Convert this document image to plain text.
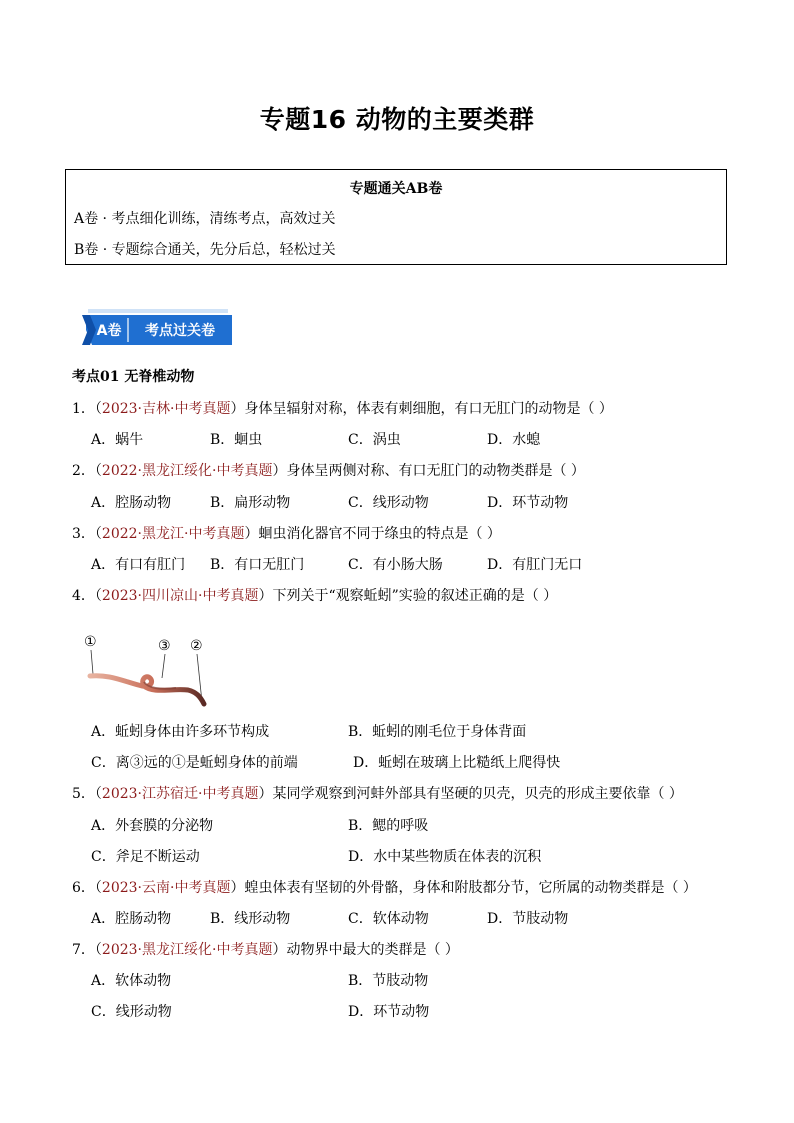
专题16 动物的主要类群
专题通关AB卷
A卷 · 考点细化训练，清练考点，高效过关
B卷 · 专题综合通关，先分后总，轻松过关
A卷 考点过关卷
考点01 无脊椎动物
1．（2023·吉林·中考真题）身体呈辐射对称，体表有刺细胞，有口无肛门的动物是（ ）
A．蜗牛	B．蛔虫	C．涡虫	D．水螅
2．（2022·黑龙江绥化·中考真题）身体呈两侧对称、有口无肛门的动物类群是（ ）
A．腔肠动物	B．扁形动物	C．线形动物	D．环节动物
3．（2022·黑龙江·中考真题）蛔虫消化器官不同于绦虫的特点是（ ）
A．有口有肛门 B．有口无肛门	C．有小肠大肠	D．有肛门无口
4．（2023·四川凉山·中考真题）下列关于“观察蚯蚓”实验的叙述正确的是（ ）
①	③ ②
A．蚯蚓身体由许多环节构成	B．蚯蚓的刚毛位于身体背面
C．离③远的①是蚯蚓身体的前端	D．蚯蚓在玻璃上比糙纸上爬得快
5．（2023·江苏宿迁·中考真题）某同学观察到河蚌外部具有坚硬的贝壳，贝壳的形成主要依靠（ ）
A．外套膜的分泌物	B．鳃的呼吸
C．斧足不断运动	D．水中某些物质在体表的沉积
6．（2023·云南·中考真题）蝗虫体表有坚韧的外骨骼，身体和附肢都分节，它所属的动物类群是（ ）
A．腔肠动物	B．线形动物	C．软体动物	D．节肢动物
7．（2023·黑龙江绥化·中考真题）动物界中最大的类群是（ ）
A．软体动物	B．节肢动物
C．线形动物	D．环节动物
